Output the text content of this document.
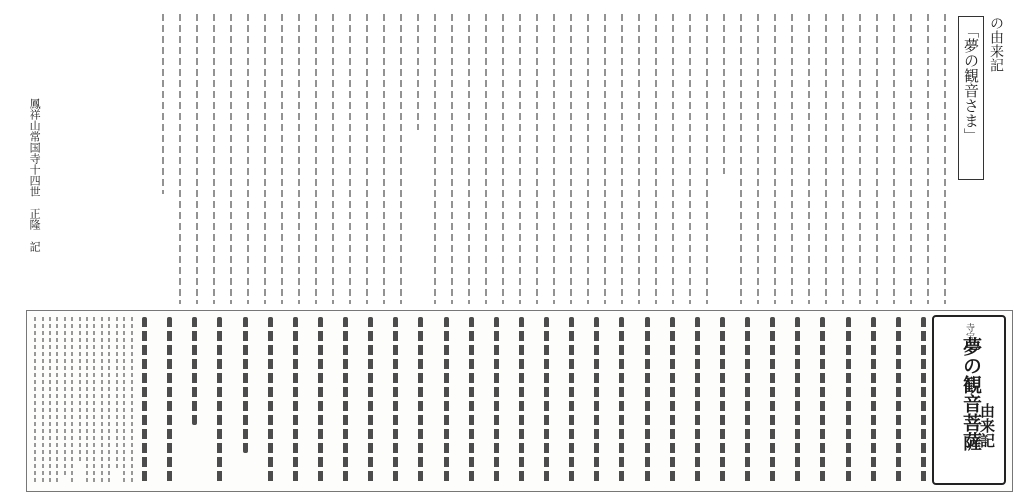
の由来記
「夢の観音さま」
鳳祥山常国寺十四世　正隆　記
寺宝
夢の観音菩薩
由来記
